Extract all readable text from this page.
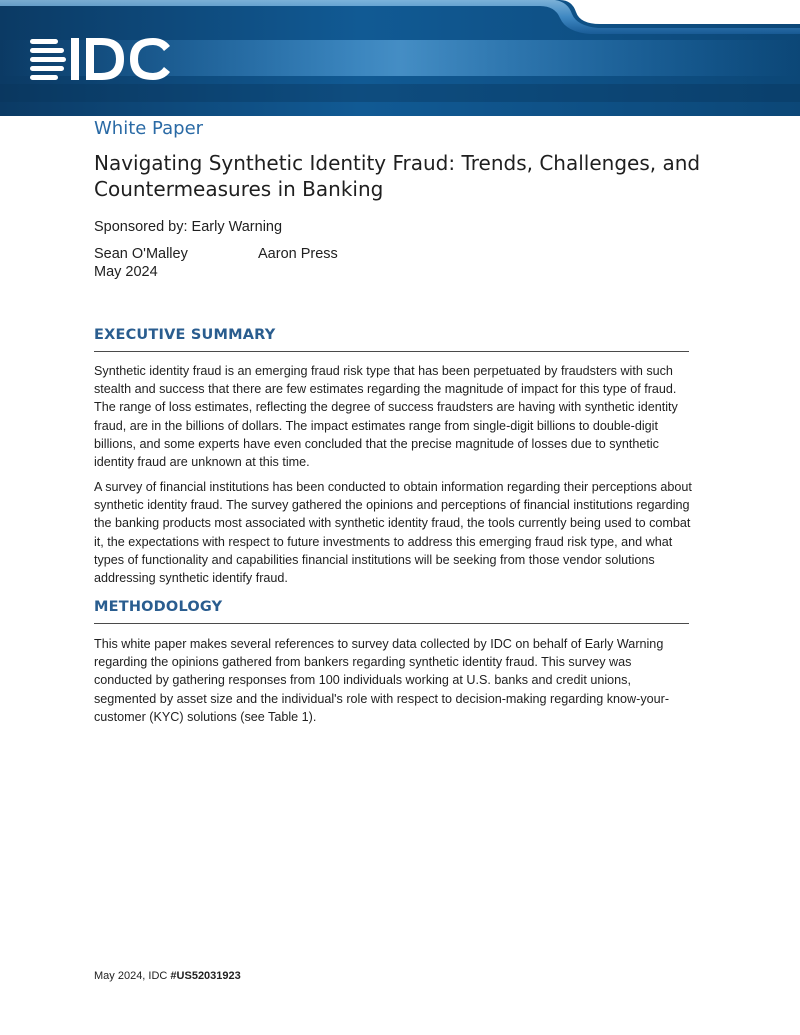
White Paper
Navigating Synthetic Identity Fraud: Trends, Challenges, and Countermeasures in Banking
Sponsored by: Early Warning
Sean O'Malley	Aaron Press
May 2024
EXECUTIVE SUMMARY

Synthetic identity fraud is an emerging fraud risk type that has been perpetuated by fraudsters with such stealth and success that there are few estimates regarding the magnitude of impact for this type of fraud. The range of loss estimates, reflecting the degree of success fraudsters are having with synthetic identity fraud, are in the billions of dollars. The impact estimates range from single-digit billions to double-digit billions, and some experts have even concluded that the precise magnitude of losses due to synthetic identity fraud are unknown at this time.

A survey of financial institutions has been conducted to obtain information regarding their perceptions about synthetic identity fraud. The survey gathered the opinions and perceptions of financial institutions regarding the banking products most associated with synthetic identity fraud, the tools currently being used to combat it, the expectations with respect to future investments to address this emerging fraud risk type, and what types of functionality and capabilities financial institutions will be seeking from those vendor solutions addressing synthetic identify fraud.

METHODOLOGY

This white paper makes several references to survey data collected by IDC on behalf of Early Warning regarding the opinions gathered from bankers regarding synthetic identity fraud. This survey was conducted by gathering responses from 100 individuals working at U.S. banks and credit unions, segmented by asset size and the individual's role with respect to decision-making regarding know-your-customer (KYC) solutions (see Table 1).

May 2024, IDC #US52031923
